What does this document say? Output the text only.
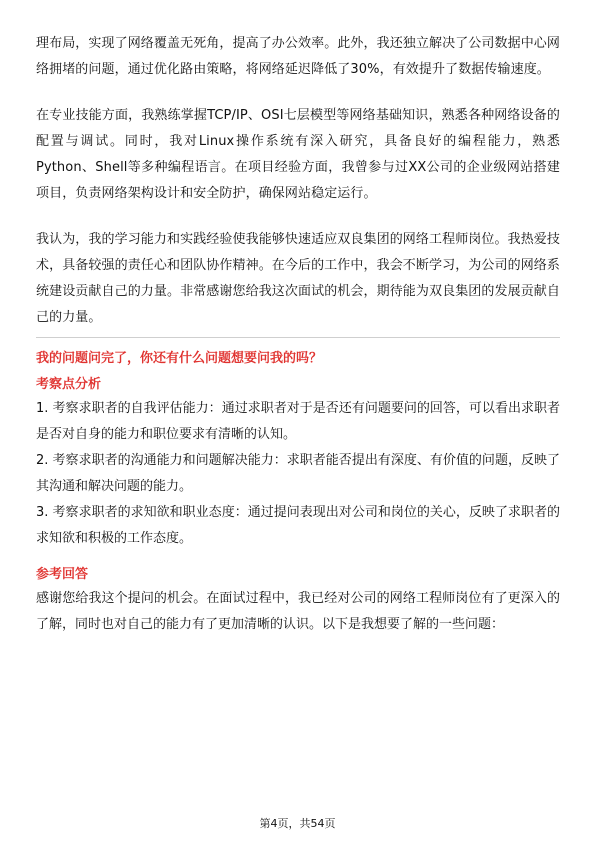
理布局，实现了网络覆盖无死角，提高了办公效率。此外，我还独立解决了公司数据中心网络拥堵的问题，通过优化路由策略，将网络延迟降低了30%，有效提升了数据传输速度。

在专业技能方面，我熟练掌握TCP/IP、OSI七层模型等网络基础知识，熟悉各种网络设备的配置与调试。同时，我对Linux操作系统有深入研究，具备良好的编程能力，熟悉Python、Shell等多种编程语言。在项目经验方面，我曾参与过XX公司的企业级网站搭建项目，负责网络架构设计和安全防护，确保网站稳定运行。

我认为，我的学习能力和实践经验使我能够快速适应双良集团的网络工程师岗位。我热爱技术，具备较强的责任心和团队协作精神。在今后的工作中，我会不断学习，为公司的网络系统建设贡献自己的力量。非常感谢您给我这次面试的机会，期待能为双良集团的发展贡献自己的力量。

我的问题问完了，你还有什么问题想要问我的吗？

考察点分析

1. 考察求职者的自我评估能力：通过求职者对于是否还有问题要问的回答，可以看出求职者是否对自身的能力和职位要求有清晰的认知。

2. 考察求职者的沟通能力和问题解决能力：求职者能否提出有深度、有价值的问题，反映了其沟通和解决问题的能力。

3. 考察求职者的求知欲和职业态度：通过提问表现出对公司和岗位的关心，反映了求职者的求知欲和积极的工作态度。

参考回答

感谢您给我这个提问的机会。在面试过程中，我已经对公司的网络工程师岗位有了更深入的了解，同时也对自己的能力有了更加清晰的认识。以下是我想要了解的一些问题：

第4页，共54页
